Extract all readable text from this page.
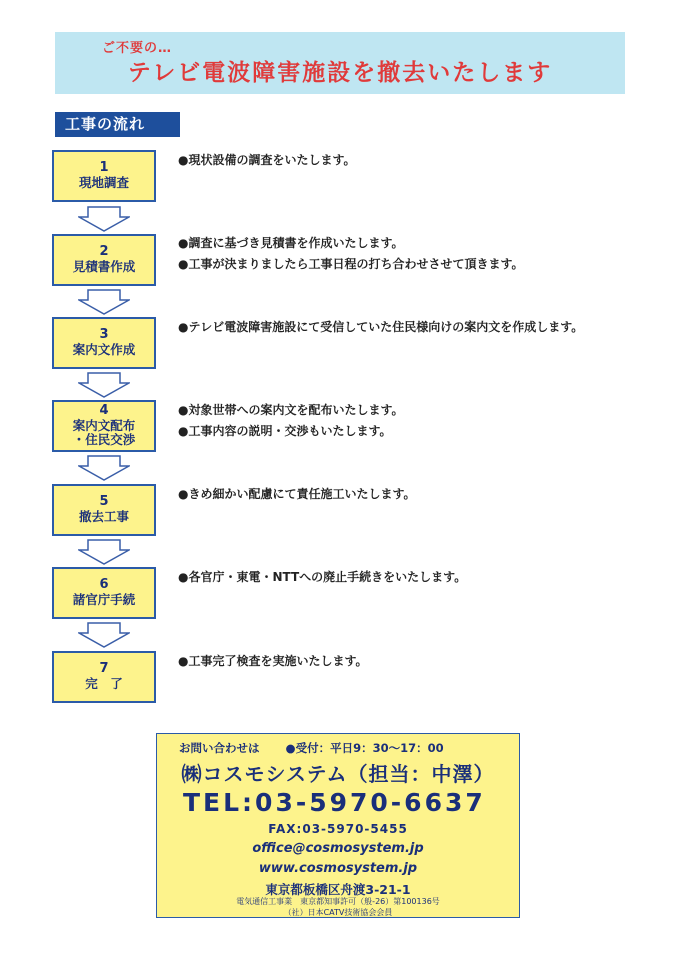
ご不要の…
テレビ電波障害施設を撤去いたします
工事の流れ
1
現地調査
●現状設備の調査をいたします。
2
見積書作成
●調査に基づき見積書を作成いたします。
●工事が決まりましたら工事日程の打ち合わせさせて頂きます。
3
案内文作成
●テレビ電波障害施設にて受信していた住民様向けの案内文を作成します。
4
案内文配布
・住民交渉
●対象世帯への案内文を配布いたします。
●工事内容の説明・交渉もいたします。
5
撤去工事
●きめ細かい配慮にて責任施工いたします。
6
諸官庁手続
●各官庁・東電・NTTへの廃止手続きをいたします。
7
完　了
●工事完了検査を実施いたします。
お問い合わせは ●受付：平日9：30～17：00
㈱コスモシステム（担当：中澤）
TEL:03-5970-6637
FAX:03-5970-5455
office@cosmosystem.jp
www.cosmosystem.jp
東京都板橋区舟渡3-21-1
電気通信工事業　東京都知事許可（般-26）第100136号
（社）日本CATV技術協会会員
